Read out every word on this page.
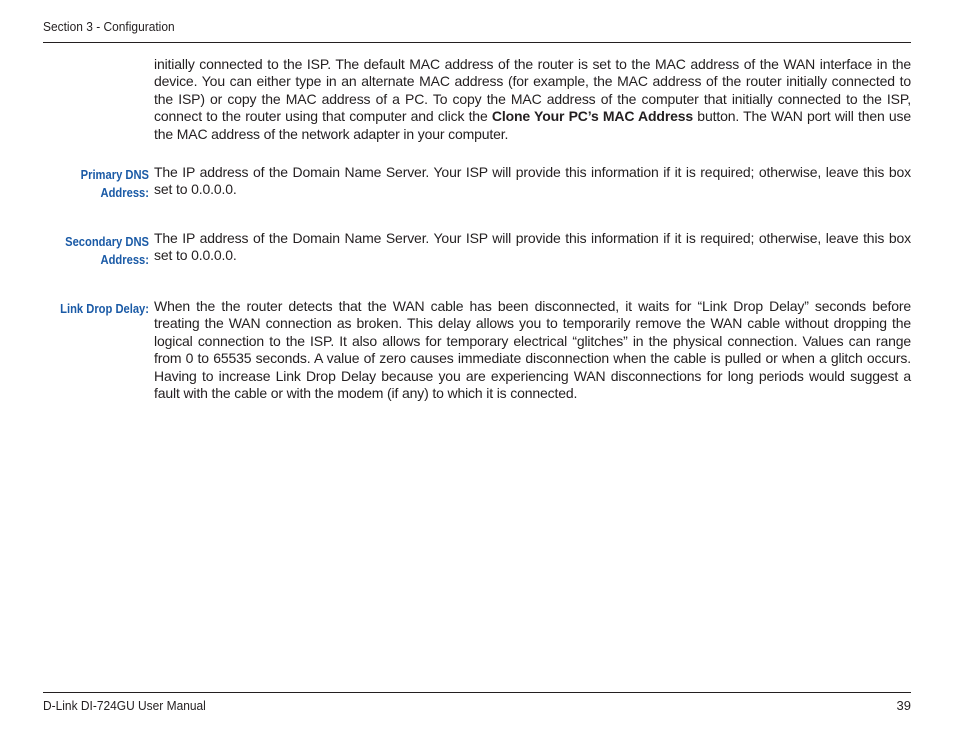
Section 3 - Configuration
initially connected to the ISP. The default MAC address of the router is set to the MAC address of the WAN interface in the device. You can either type in an alternate MAC address (for example, the MAC address of the router initially connected to the ISP) or copy the MAC address of a PC. To copy the MAC address of the computer that initially connected to the ISP, connect to the router using that computer and click the Clone Your PC’s MAC Address button. The WAN port will then use the MAC address of the network adapter in your computer.
Primary DNS
Address:
The IP address of the Domain Name Server. Your ISP will provide this information if it is required; otherwise, leave this box set to 0.0.0.0.
Secondary DNS
Address:
The IP address of the Domain Name Server. Your ISP will provide this information if it is required; otherwise, leave this box set to 0.0.0.0.
Link Drop Delay: When the the router detects that the WAN cable has been disconnected, it waits for “Link Drop Delay” seconds before treating the WAN connection as broken. This delay allows you to temporarily remove the WAN cable without dropping the logical connection to the ISP. It also allows for temporary electrical “glitches” in the physical connection. Values can range from 0 to 65535 seconds. A value of zero causes immediate disconnection when the cable is pulled or when a glitch occurs. Having to increase Link Drop Delay because you are experiencing WAN disconnections for long periods would suggest a fault with the cable or with the modem (if any) to which it is connected.
D-Link DI-724GU User Manual	39
